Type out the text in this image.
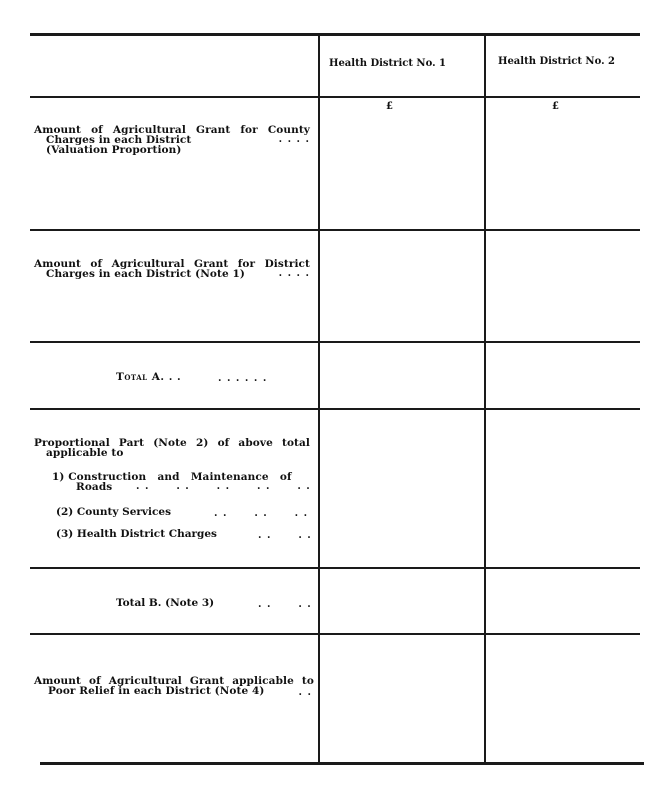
Health District No. 1	Health District No. 2
£	£
Amount of Agricultural Grant for County
Charges in each District	. . . .
(Valuation Proportion)
Amount of Agricultural Grant for District
Charges in each District (Note 1)	. . . .
Total A. . .	. . . . . .
Proportional Part (Note 2) of above total
applicable to
1) Construction   and   Maintenance   of
Roads . .      . .      . .      . .      . .
(2) County Services	. .      . .      . .
(3) Health District Charges	. .      . .
Total B. (Note 3)	. .      . .
Amount of Agricultural Grant applicable to
Poor Relief in each District (Note 4)	. .
